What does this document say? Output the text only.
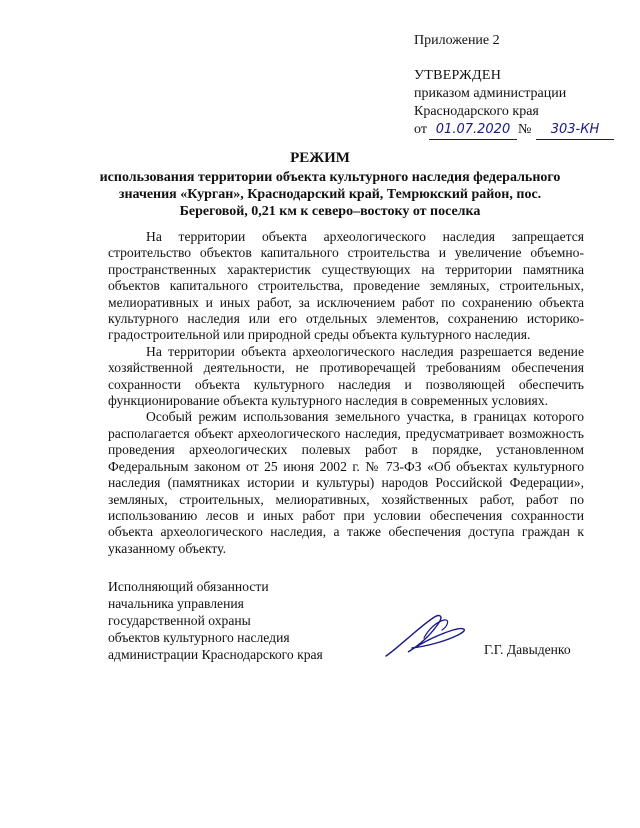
Приложение 2
УТВЕРЖДЕН
приказом администрации
Краснодарского края
от 01.07.2020 №	303-КН
РЕЖИМ
использования территории объекта культурного наследия федерального значения «Курган», Краснодарский край, Темрюкский район, пос. Береговой, 0,21 км к северо–востоку от поселка

На территории объекта археологического наследия запрещается строительство объектов капитального строительства и увеличение объемно-пространственных характеристик существующих на территории памятника объектов капитального строительства, проведение земляных, строительных, мелиоративных и иных работ, за исключением работ по сохранению объекта культурного наследия или его отдельных элементов, сохранению историко-градостроительной или природной среды объекта культурного наследия.

На территории объекта археологического наследия разрешается ведение хозяйственной деятельности, не противоречащей требованиям обеспечения сохранности объекта культурного наследия и позволяющей обеспечить функционирование объекта культурного наследия в современных условиях.

Особый режим использования земельного участка, в границах которого располагается объект археологического наследия, предусматривает возможность проведения археологических полевых работ в порядке, установленном Федеральным законом от 25 июня 2002 г. № 73-ФЗ «Об объектах культурного наследия (памятниках истории и культуры) народов Российской Федерации», земляных, строительных, мелиоративных, хозяйственных работ, работ по использованию лесов и иных работ при условии обеспечения сохранности объекта археологического наследия, а также обеспечения доступа граждан к указанному объекту.

Исполняющий обязанности
начальника управления
государственной охраны
объектов культурного наследия
администрации Краснодарского края	Г.Г. Давыденко
